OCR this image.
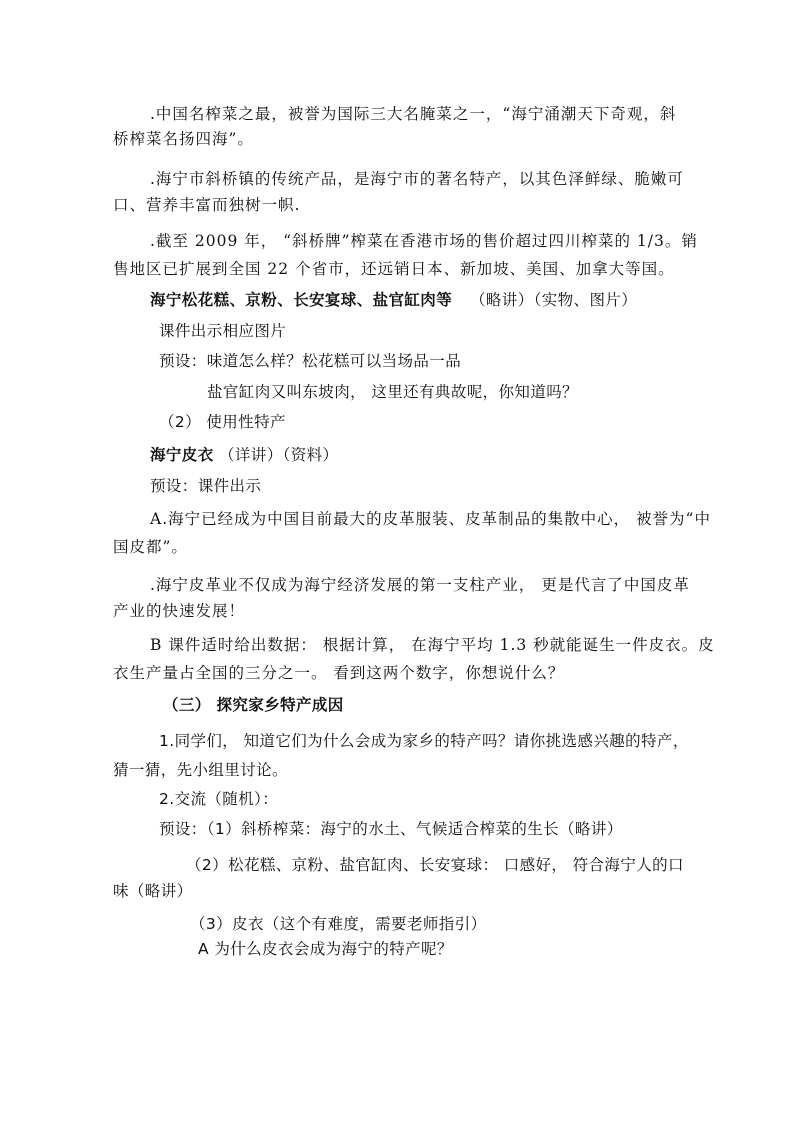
.中国名榨菜之最，被誉为国际三大名腌菜之一，“海宁涌潮天下奇观，斜
桥榨菜名扬四海”。
.海宁市斜桥镇的传统产品，是海宁市的著名特产，以其色泽鲜绿、脆嫩可
口、营养丰富而独树一帜.
.截至 2009 年， “斜桥牌”榨菜在香港市场的售价超过四川榨菜的 1/3。销
售地区已扩展到全国 22 个省市，还远销日本、新加坡、美国、加拿大等国。
海宁松花糕、京粉、长安宴球、盐官缸肉等 （略讲）（实物、图片）
课件出示相应图片
预设：味道怎么样？松花糕可以当场品一品
盐官缸肉又叫东坡肉， 这里还有典故呢，你知道吗？
（2） 使用性特产
海宁皮衣 （详讲）（资料）
预设：课件出示
A.海宁已经成为中国目前最大的皮革服装、皮革制品的集散中心， 被誉为“中
国皮都”。
.海宁皮革业不仅成为海宁经济发展的第一支柱产业， 更是代言了中国皮革
产业的快速发展！
B 课件适时给出数据： 根据计算， 在海宁平均 1.3 秒就能诞生一件皮衣。皮
衣生产量占全国的三分之一。 看到这两个数字，你想说什么？
（三） 探究家乡特产成因
1.同学们， 知道它们为什么会成为家乡的特产吗？请你挑选感兴趣的特产，
猜一猜，先小组里讨论。
2.交流（随机）：
预设：（1）斜桥榨菜：海宁的水土、气候适合榨菜的生长（略讲）
（2）松花糕、京粉、盐官缸肉、长安宴球： 口感好， 符合海宁人的口
味（略讲）
（3）皮衣（这个有难度，需要老师指引）
A 为什么皮衣会成为海宁的特产呢？
